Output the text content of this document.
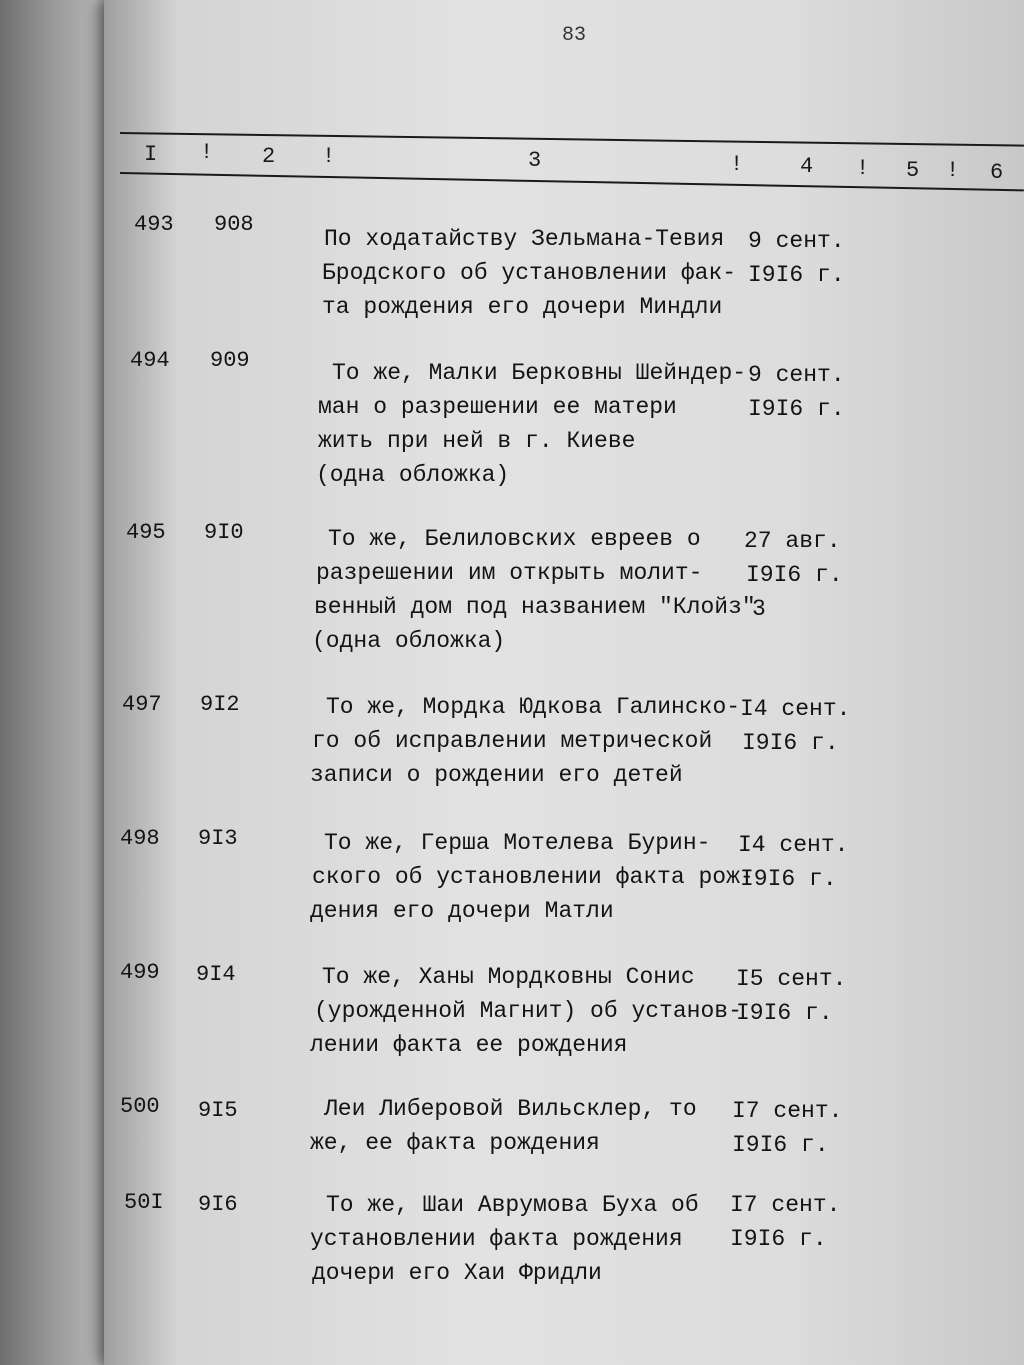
83
I ! 2 !	3	!	4 ! 5 ! 6
493 908
По ходатайству Зельмана-Тевия
Бродского об установлении фак-
та рождения его дочери Миндли
9 сент.
I9I6 г.
494 909	То же, Малки Берковны Шейндер-
ман о разрешении ее матери
жить при ней в г. Киеве
(одна обложка)
9 сент.
I9I6 г.
495 9I0	То же, Белиловских евреев о
разрешении им открыть молит-
венный дом под названием "Клойз"
(одна обложка)
27 авг.
I9I6 г.
3
497 9I2	То же, Мордка Юдкова Галинско-
го об исправлении метрической
записи о рождении его детей
I4 сент.
I9I6 г.
498 9I3	То же, Герша Мотелева Бурин-
ского об установлении факта рож-
дения его дочери Матли
I4 сент.
I9I6 г.
499 9I4	То же, Ханы Мордковны Сонис
(урожденной Магнит) об установ-
лении факта ее рождения
I5 сент.
I9I6 г.
500 9I5	Леи Либеровой Вильсклер, то
же, ее факта рождения
I7 сент.
I9I6 г.
50I 9I6	То же, Шаи Аврумова Буха об
установлении факта рождения
дочери его Хаи Фридли
I7 сент.
I9I6 г.
